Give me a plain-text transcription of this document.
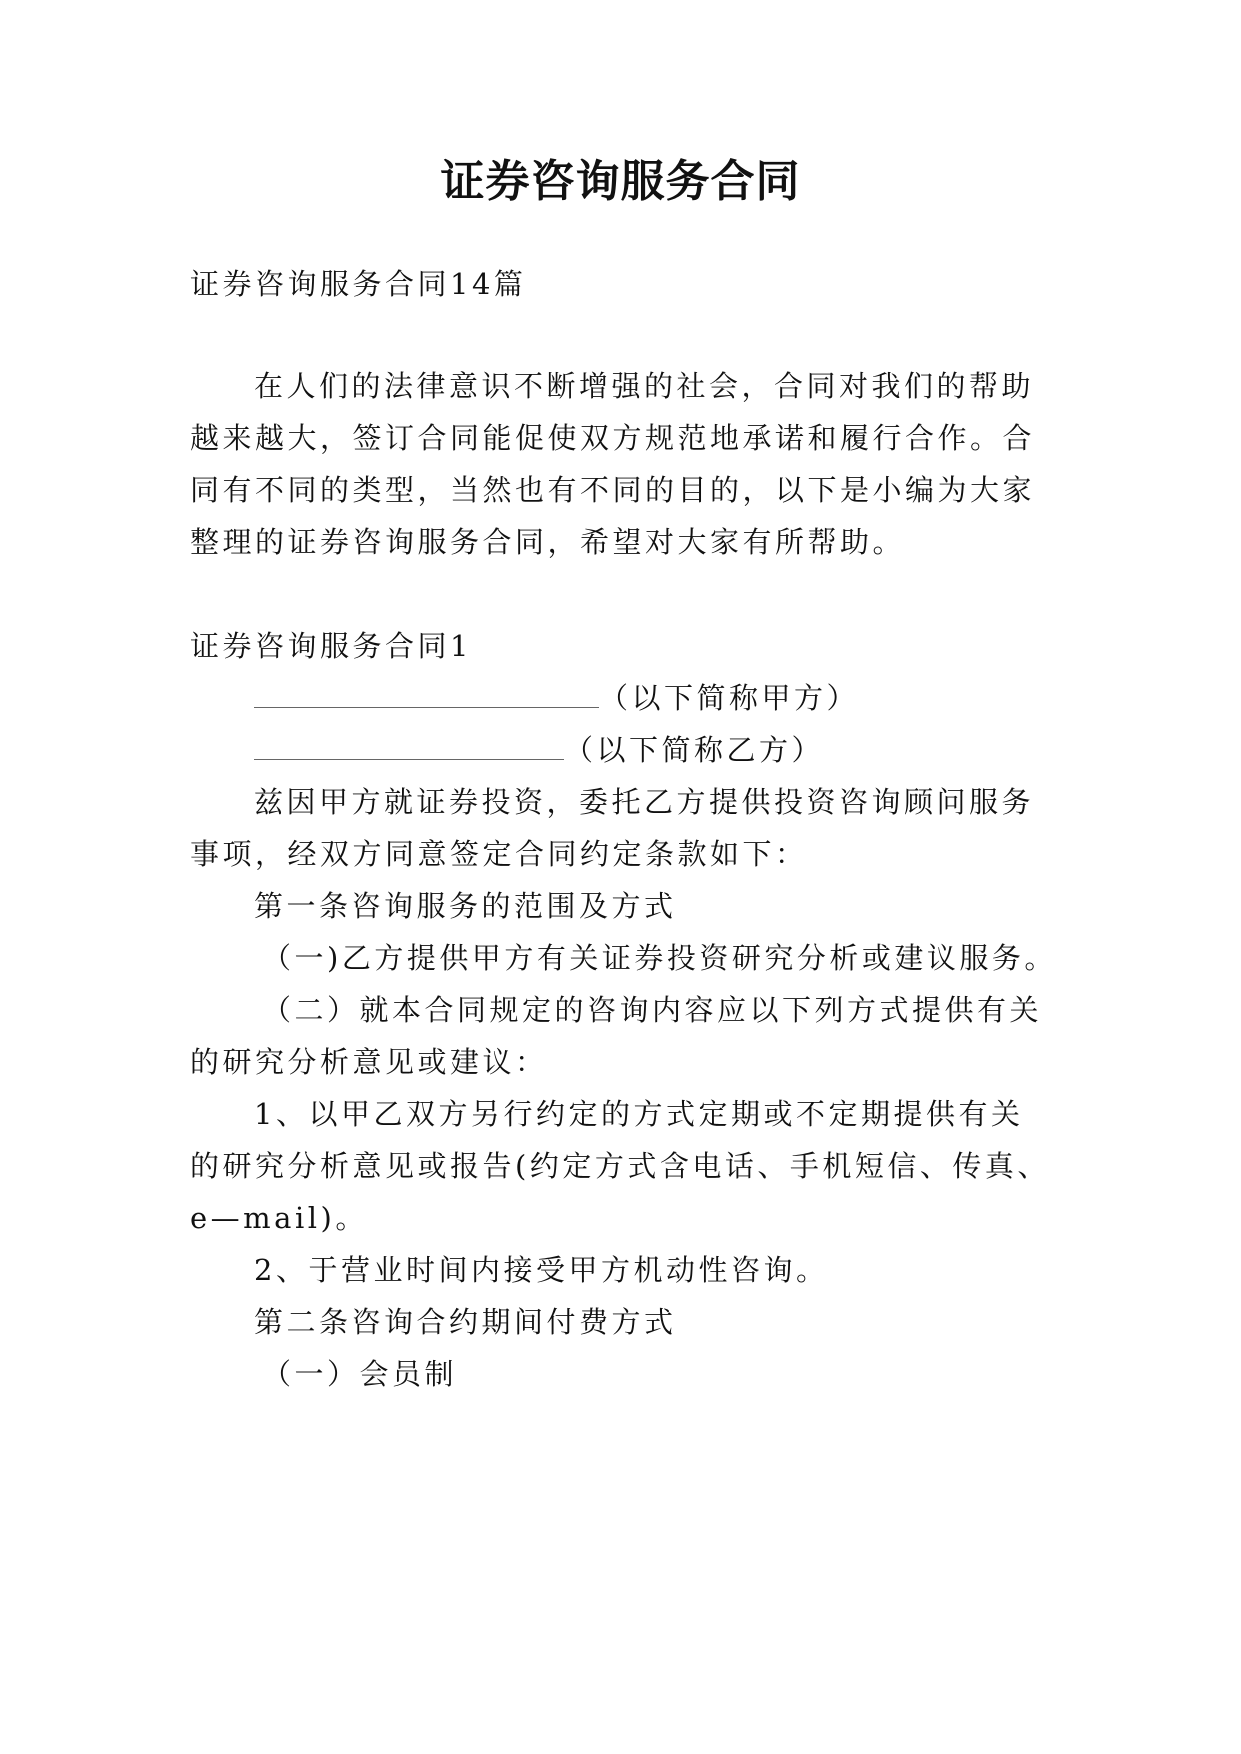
证券咨询服务合同

证券咨询服务合同14篇

在人们的法律意识不断增强的社会，合同对我们的帮助

越来越大，签订合同能促使双方规范地承诺和履行合作。合

同有不同的类型，当然也有不同的目的，以下是小编为大家

整理的证券咨询服务合同，希望对大家有所帮助。

证券咨询服务合同1

（以下简称甲方）

（以下简称乙方）

兹因甲方就证券投资，委托乙方提供投资咨询顾问服务

事项，经双方同意签定合同约定条款如下：

第一条咨询服务的范围及方式

（一)乙方提供甲方有关证券投资研究分析或建议服务。

（二）就本合同规定的咨询内容应以下列方式提供有关

的研究分析意见或建议：

1、以甲乙双方另行约定的方式定期或不定期提供有关

的研究分析意见或报告(约定方式含电话、手机短信、传真、

e—mail)。

2、于营业时间内接受甲方机动性咨询。

第二条咨询合约期间付费方式

（一）会员制
